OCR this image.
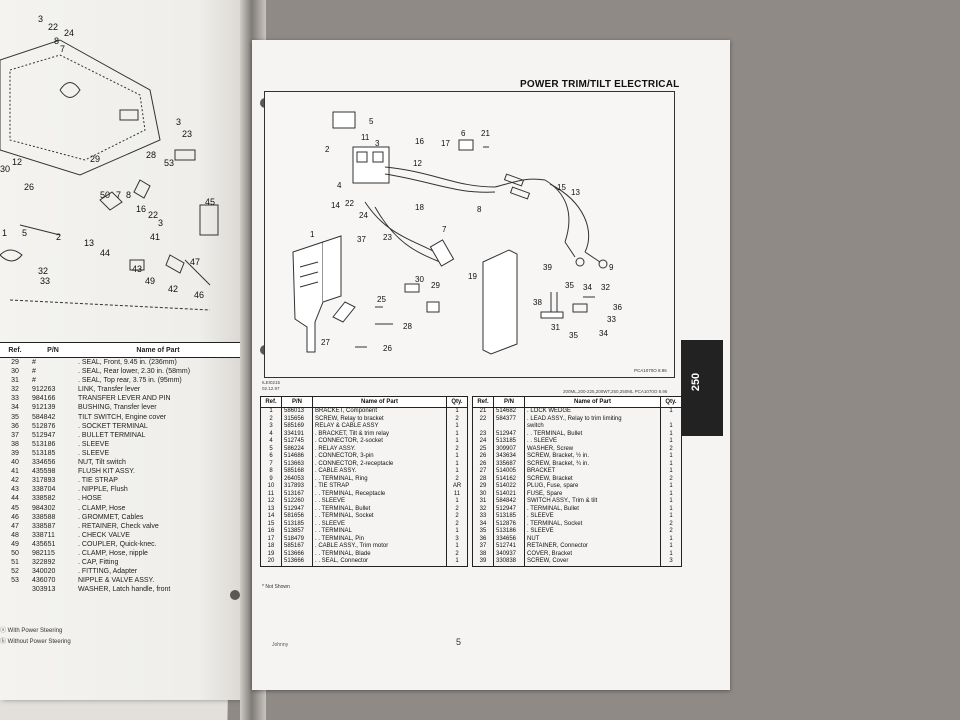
3
22
24
8
7
12
30
29	28
53
3
23
26
50 7 8
16
22
3
5	2
13
44
41
45
43
49
47
42
46
32
33
1
Ref.	P/N	Name of Part
29	#	. SEAL, Front, 9.45 in. (236mm)
30	#	. SEAL, Rear lower, 2.30 in. (58mm)
31	#	. SEAL, Top rear, 3.75 in. (95mm)
32	912263	LINK, Transfer lever
33	984166	TRANSFER LEVER AND PIN
34	912139	BUSHING, Transfer lever
35	584842	TILT SWITCH, Engine cover
36	512876	. SOCKET TERMINAL
37	512947	. BULLET TERMINAL
38	513186	. SLEEVE
39	513185	. SLEEVE
40	334656	NUT, Tilt switch
41	435598	FLUSH KIT ASSY.
42	317893	. TIE STRAP
43	338704	. NIPPLE, Flush
44	338582	. HOSE
45	984302	. CLAMP, Hose
46	338588	. GROMMET, Cables
47	338587	. RETAINER, Check valve
48	338711	. CHECK VALVE
49	435651	. COUPLER, Quick-knec.
50	982115	. CLAMP, Hose, nipple
51	322892	. CAP, Fitting
52	340020	. FITTING, Adapter
53	436070	NIPPLE & VALVE ASSY.
	303913	WASHER, Latch handle, front
ⓐ With Power Steering
ⓑ Without Power Steering
POWER TRIM/TILT ELECTRICAL
5
11
3	16
2
12
4
14 22
24
23
37
1
17
6 21
15
13
8
18
7
19
9
39
30
29
25
28
27
26
38
35 34 32
36
33
31
35	34
PCA1070O 8.96
250
ILEI0215
02.12.97
200ML,200-225,200WT,250,250ML PCA1070O 8.96
Ref.	P/N	Name of Part	Qty.
1	586013	BRACKET, Component	1
2	315656	SCREW, Relay to bracket	2
3	585169	RELAY & CABLE ASSY	1
4	334191	. BRACKET, Tilt & trim relay	1
4	512745	. CONNECTOR, 2-socket	1
5	586224	. RELAY ASSY.	2
6	514686	. CONNECTOR, 3-pin	1
7	513663	. CONNECTOR, 2-receptacle	1
8	585168	. CABLE ASSY.	1
9	264053	. . TERMINAL, Ring	2
10	317893	. TIE STRAP	AR
11	513167	. . TERMINAL, Receptacle	11
12	512260	. . SLEEVE	1
13	512947	. . TERMINAL, Bullet	2
14	581656	. . TERMINAL, Socket	2
15	513185	. . SLEEVE	2
16	513857	. . TERMINAL	1
17	518479	. . TERMINAL, Pin	3
18	585167	. CABLE ASSY., Trim motor	1
19	513666	. . TERMINAL, Blade	2
20	513666	. . SEAL, Connector	1
Ref.	P/N	Name of Part	Qty.
21	514682	. LOCK WEDGE	1
22	584377	. LEAD ASSY., Relay to trim limiting	
		switch	1
23	512947	. . TERMINAL, Bullet	1
24	513185	. . SLEEVE	1
25	309907	WASHER, Screw	2
26	343634	SCREW, Bracket, ½ in.	1
26	335687	SCREW, Bracket, ¾ in.	1
27	514005	BRACKET	1
28	514162	SCREW, Bracket	2
29	514022	PLUG, Fuse, spare	1
30	514021	FUSE, Spare	1
31	584842	SWITCH ASSY., Trim & tilt	1
32	512947	. TERMINAL, Bullet	1
33	513185	. SLEEVE	1
34	512876	. TERMINAL, Socket	2
35	513186	. SLEEVE	2
36	334656	NUT	1
37	512741	RETAINER, Connector	1
38	340937	COVER, Bracket	1
39	330838	SCREW, Cover	3
* Not Shown
Johnny	5
